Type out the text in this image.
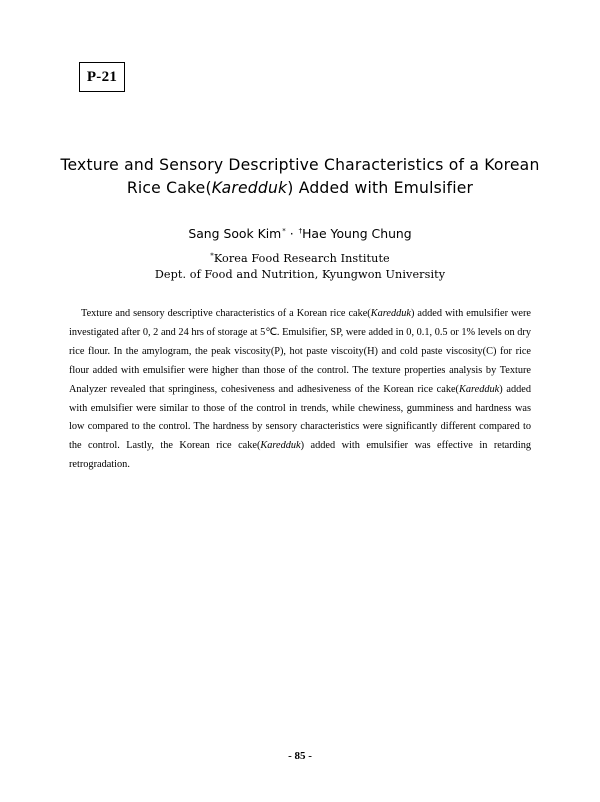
P-21
Texture and Sensory Descriptive Characteristics of a Korean
Rice Cake(Karedduk) Added with Emulsifier
Sang Sook Kim* · †Hae Young Chung
*Korea Food Research Institute
Dept. of Food and Nutrition, Kyungwon University

Texture and sensory descriptive characteristics of a Korean rice cake(Karedduk) added with emulsifier were investigated after 0, 2 and 24 hrs of storage at 5℃. Emulsifier, SP, were added in 0, 0.1, 0.5 or 1% levels on dry rice flour. In the amylogram, the peak viscosity(P), hot paste viscoity(H) and cold paste viscosity(C) for rice flour added with emulsifier were higher than those of the control. The texture properties analysis by Texture Analyzer revealed that springiness, cohesiveness and adhesiveness of the Korean rice cake(Karedduk) added with emulsifier were similar to those of the control in trends, while chewiness, gumminess and hardness was low compared to the control. The hardness by sensory characteristics were significantly different compared to the control. Lastly, the Korean rice cake(Karedduk) added with emulsifier was effective in retarding retrogradation.

- 85 -
